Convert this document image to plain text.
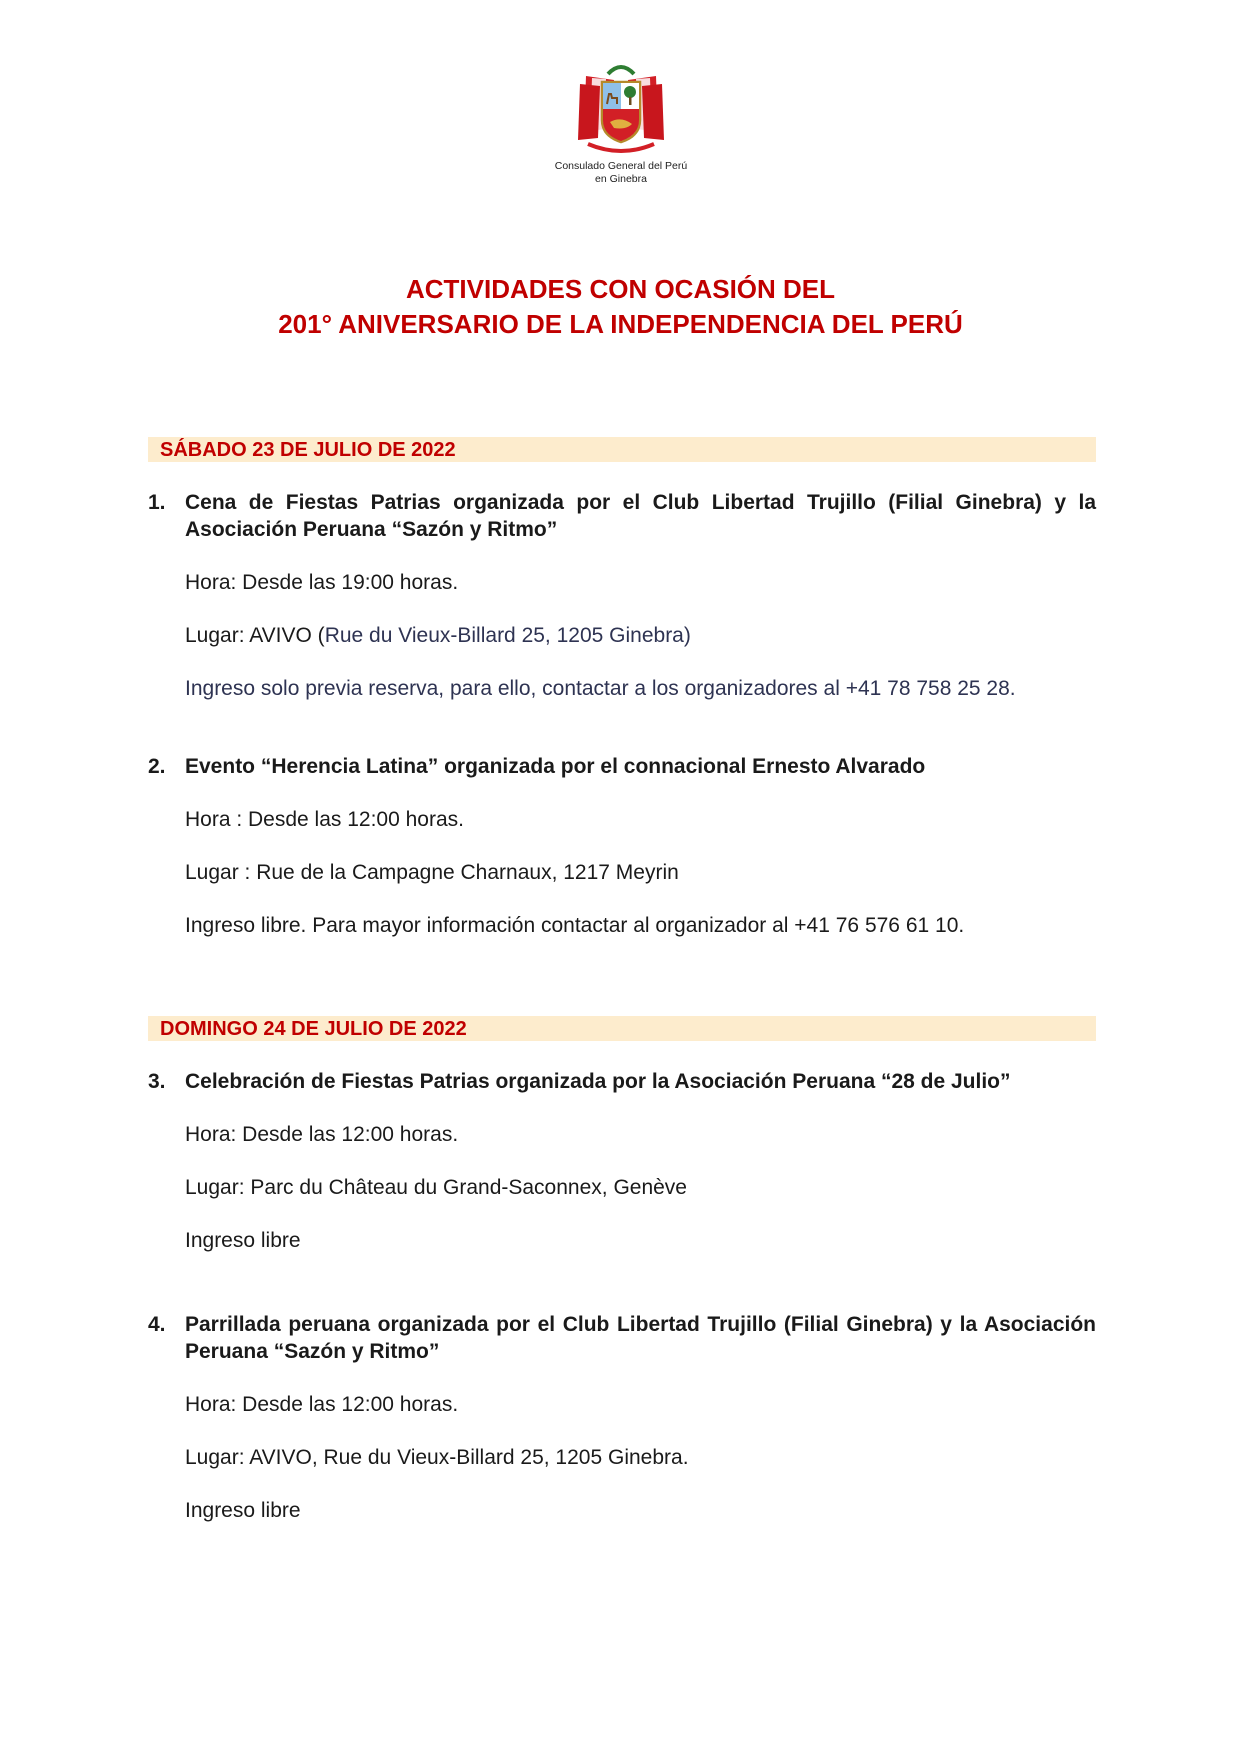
Consulado General del Perú
en Ginebra
ACTIVIDADES CON OCASIÓN DEL
201° ANIVERSARIO DE LA INDEPENDENCIA DEL PERÚ
SÁBADO 23 DE JULIO DE 2022
1. Cena de Fiestas Patrias organizada por el Club Libertad Trujillo (Filial Ginebra) y la Asociación Peruana “Sazón y Ritmo”
Hora: Desde las 19:00 horas.
Lugar: AVIVO (Rue du Vieux-Billard 25, 1205 Ginebra)
Ingreso solo previa reserva, para ello, contactar a los organizadores al +41 78 758 25 28.
2. Evento “Herencia Latina” organizada por el connacional Ernesto Alvarado
Hora : Desde las 12:00 horas.
Lugar : Rue de la Campagne Charnaux, 1217 Meyrin
Ingreso libre. Para mayor información contactar al organizador al +41 76 576 61 10.
DOMINGO 24 DE JULIO DE 2022
3. Celebración de Fiestas Patrias organizada por la Asociación Peruana “28 de Julio”
Hora: Desde las 12:00 horas.
Lugar: Parc du Château du Grand-Saconnex, Genève
Ingreso libre
4. Parrillada peruana organizada por el Club Libertad Trujillo (Filial Ginebra) y la Asociación Peruana “Sazón y Ritmo”
Hora: Desde las 12:00 horas.
Lugar: AVIVO, Rue du Vieux-Billard 25, 1205 Ginebra.
Ingreso libre
